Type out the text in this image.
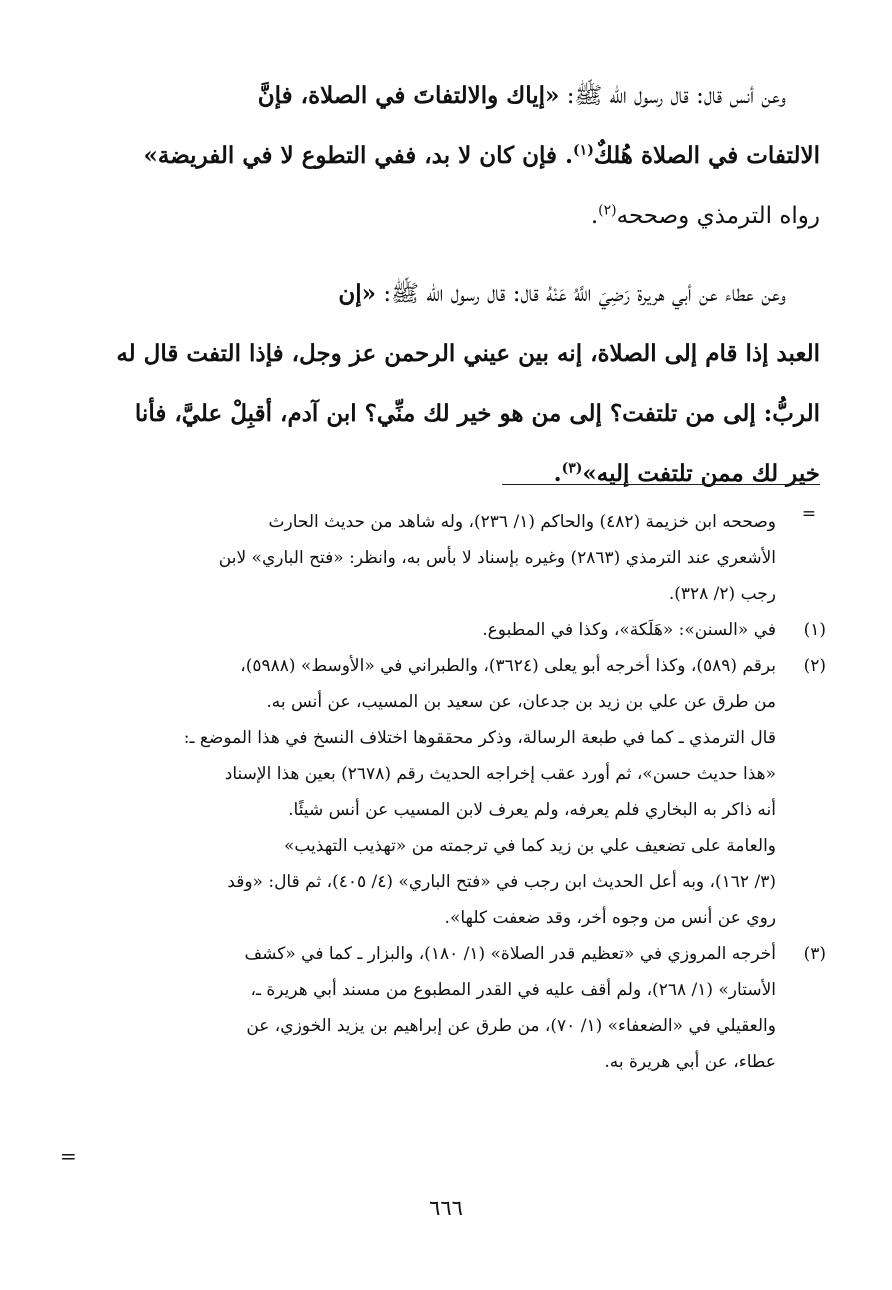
وعن أنس قال: قال رسول الله ﷺ: «إياك والالتفاتَ في الصلاة، فإنَّ
الالتفات في الصلاة هُلكٌ$^{(١)}$. فإن كان لا بد، ففي التطوع لا في الفريضة»
رواه الترمذي وصححه$^{(٢)}$.

وعن عطاء عن أبي هريرة رَضِيَ اللَّهُ عَنْهُ قال: قال رسول الله ﷺ: «إن
العبد إذا قام إلى الصلاة، إنه بين عيني الرحمن عز وجل، فإذا التفت قال له
الربُّ: إلى من تلتفت؟ إلى من هو خير لك منِّي؟ ابن آدم، أقبِلْ عليَّ، فأنا
خير لك ممن تلتفت إليه»$^{(٣)}$.

=
وصححه ابن خزيمة (٤٨٢) والحاكم (١/ ٢٣٦)، وله شاهد من حديث الحارث
الأشعري عند الترمذي (٢٨٦٣) وغيره بإسناد لا بأس به، وانظر: «فتح الباري» لابن
رجب (٢/ ٣٢٨).
(١)
في «السنن»: «هَلَكة»، وكذا في المطبوع.
(٢)
برقم (٥٨٩)، وكذا أخرجه أبو يعلى (٣٦٢٤)، والطبراني في «الأوسط» (٥٩٨٨)،
من طرق عن علي بن زيد بن جدعان، عن سعيد بن المسيب، عن أنس به.
قال الترمذي ـ كما في طبعة الرسالة، وذكر محققوها اختلاف النسخ في هذا الموضع ـ:
«هذا حديث حسن»، ثم أورد عقب إخراجه الحديث رقم (٢٦٧٨) بعين هذا الإسناد
أنه ذاكر به البخاري فلم يعرفه، ولم يعرف لابن المسيب عن أنس شيئًا.
والعامة على تضعيف علي بن زيد كما في ترجمته من «تهذيب التهذيب»
(٣/ ١٦٢)، وبه أعل الحديث ابن رجب في «فتح الباري» (٤/ ٤٠٥)، ثم قال: «وقد
روي عن أنس من وجوه أخر، وقد ضعفت كلها».
(٣)
أخرجه المروزي في «تعظيم قدر الصلاة» (١/ ١٨٠)، والبزار ـ كما في «كشف
الأستار» (١/ ٢٦٨)، ولم أقف عليه في القدر المطبوع من مسند أبي هريرة ـ،
والعقيلي في «الضعفاء» (١/ ٧٠)، من طرق عن إبراهيم بن يزيد الخوزي، عن
عطاء، عن أبي هريرة به.
=
٦٦٦
